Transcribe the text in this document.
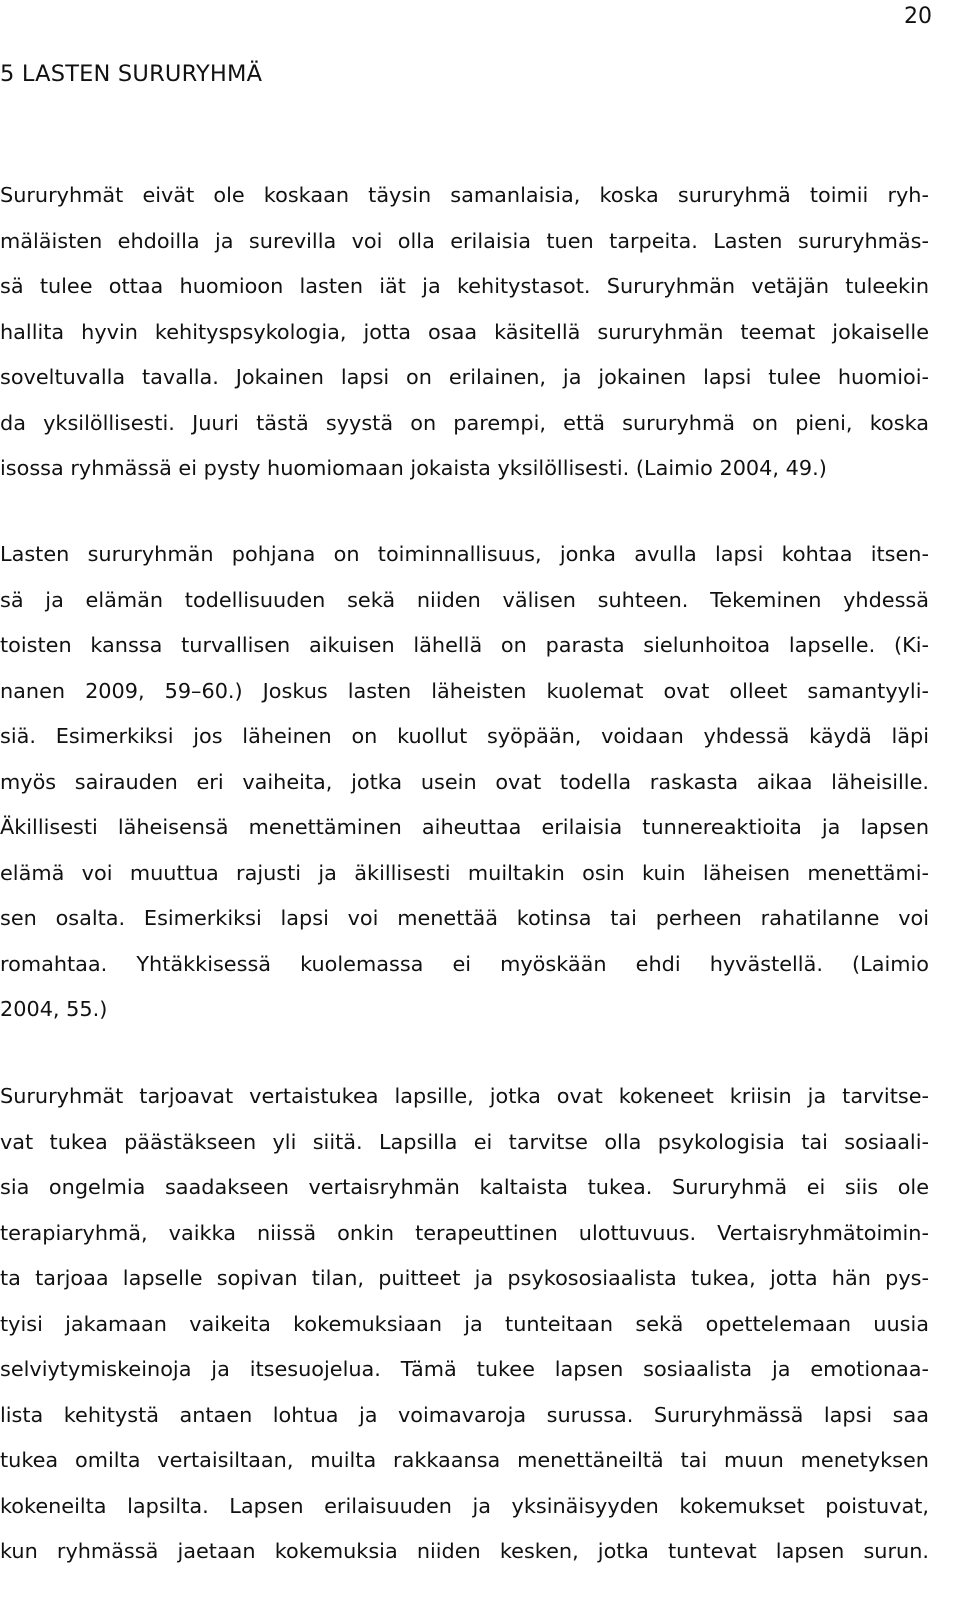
20
5 LASTEN SURURYHMÄ
Sururyhmät eivät ole koskaan täysin samanlaisia, koska sururyhmä toimii ryh-
mäläisten ehdoilla ja surevilla voi olla erilaisia tuen tarpeita. Lasten sururyhmäs-
sä tulee ottaa huomioon lasten iät ja kehitystasot. Sururyhmän vetäjän tuleekin
hallita hyvin kehityspsykologia, jotta osaa käsitellä sururyhmän teemat jokaiselle
soveltuvalla tavalla. Jokainen lapsi on erilainen, ja jokainen lapsi tulee huomioi-
da yksilöllisesti. Juuri tästä syystä on parempi, että sururyhmä on pieni, koska
isossa ryhmässä ei pysty huomiomaan jokaista yksilöllisesti. (Laimio 2004, 49.)
Lasten sururyhmän pohjana on toiminnallisuus, jonka avulla lapsi kohtaa itsen-
sä ja elämän todellisuuden sekä niiden välisen suhteen. Tekeminen yhdessä
toisten kanssa turvallisen aikuisen lähellä on parasta sielunhoitoa lapselle. (Ki-
nanen 2009, 59–60.) Joskus lasten läheisten kuolemat ovat olleet samantyyli-
siä. Esimerkiksi jos läheinen on kuollut syöpään, voidaan yhdessä käydä läpi
myös sairauden eri vaiheita, jotka usein ovat todella raskasta aikaa läheisille.
Äkillisesti läheisensä menettäminen aiheuttaa erilaisia tunnereaktioita ja lapsen
elämä voi muuttua rajusti ja äkillisesti muiltakin osin kuin läheisen menettämi-
sen osalta. Esimerkiksi lapsi voi menettää kotinsa tai perheen rahatilanne voi
romahtaa. Yhtäkkisessä kuolemassa ei myöskään ehdi hyvästellä. (Laimio
2004, 55.)
Sururyhmät tarjoavat vertaistukea lapsille, jotka ovat kokeneet kriisin ja tarvitse-
vat tukea päästäkseen yli siitä. Lapsilla ei tarvitse olla psykologisia tai sosiaali-
sia ongelmia saadakseen vertaisryhmän kaltaista tukea. Sururyhmä ei siis ole
terapiaryhmä, vaikka niissä onkin terapeuttinen ulottuvuus. Vertaisryhmätoimin-
ta tarjoaa lapselle sopivan tilan, puitteet ja psykososiaalista tukea, jotta hän pys-
tyisi jakamaan vaikeita kokemuksiaan ja tunteitaan sekä opettelemaan uusia
selviytymiskeinoja ja itsesuojelua. Tämä tukee lapsen sosiaalista ja emotionaa-
lista kehitystä antaen lohtua ja voimavaroja surussa. Sururyhmässä lapsi saa
tukea omilta vertaisiltaan, muilta rakkaansa menettäneiltä tai muun menetyksen
kokeneilta lapsilta. Lapsen erilaisuuden ja yksinäisyyden kokemukset poistuvat,
kun ryhmässä jaetaan kokemuksia niiden kesken, jotka tuntevat lapsen surun.
